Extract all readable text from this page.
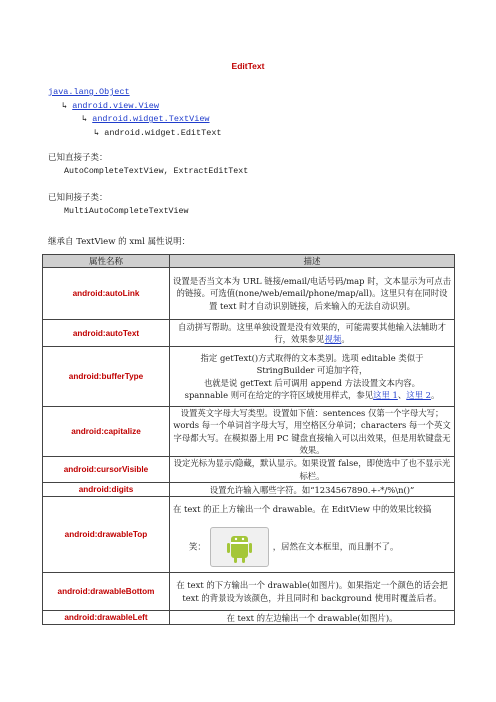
EditText
java.lang.Object
↳ android.view.View
↳ android.widget.TextView
↳ android.widget.EditText
已知直接子类：
AutoCompleteTextView, ExtractEditText
已知间接子类：
MultiAutoCompleteTextView
继承自 TextView 的 xml 属性说明：
属性名称	描述
android:autoLink	设置是否当文本为 URL 链接/email/电话号码/map 时，文本显示为可点击的链接。可选值(none/web/email/phone/map/all)。这里只有在同时设置 text 时才自动识别链接，后来输入的无法自动识别。
android:autoText	自动拼写帮助。这里单独设置是没有效果的，可能需要其他输入法辅助才行，效果参见视频。
android:bufferType	指定 getText()方式取得的文本类别。选项 editable 类似于 StringBuilder 可追加字符，
也就是说 getText 后可调用 append 方法设置文本内容。
spannable 则可在给定的字符区域使用样式，参见这里 1、这里 2。

android:capitalize	设置英文字母大写类型。设置如下值：sentences 仅第一个字母大写；words 每一个单词首字母大写，用空格区分单词；characters 每一个英文字母都大写。在模拟器上用 PC 键盘直接输入可以出效果，但是用软键盘无效果。
android:cursorVisible	设定光标为显示/隐藏，默认显示。如果设置 false，即使选中了也不显示光标栏。
android:digits	设置允许输入哪些字符。如“1234567890.+-*/%\n()”
android:drawableTop	在 text 的正上方输出一个 drawable。在 EditView 中的效果比较搞
笑： ，居然在文本框里，而且删不了。

android:drawableBottom	在 text 的下方输出一个 drawable(如图片)。如果指定一个颜色的话会把 text 的背景设为该颜色，并且同时和 background 使用时覆盖后者。
android:drawableLeft	在 text 的左边输出一个 drawable(如图片)。
